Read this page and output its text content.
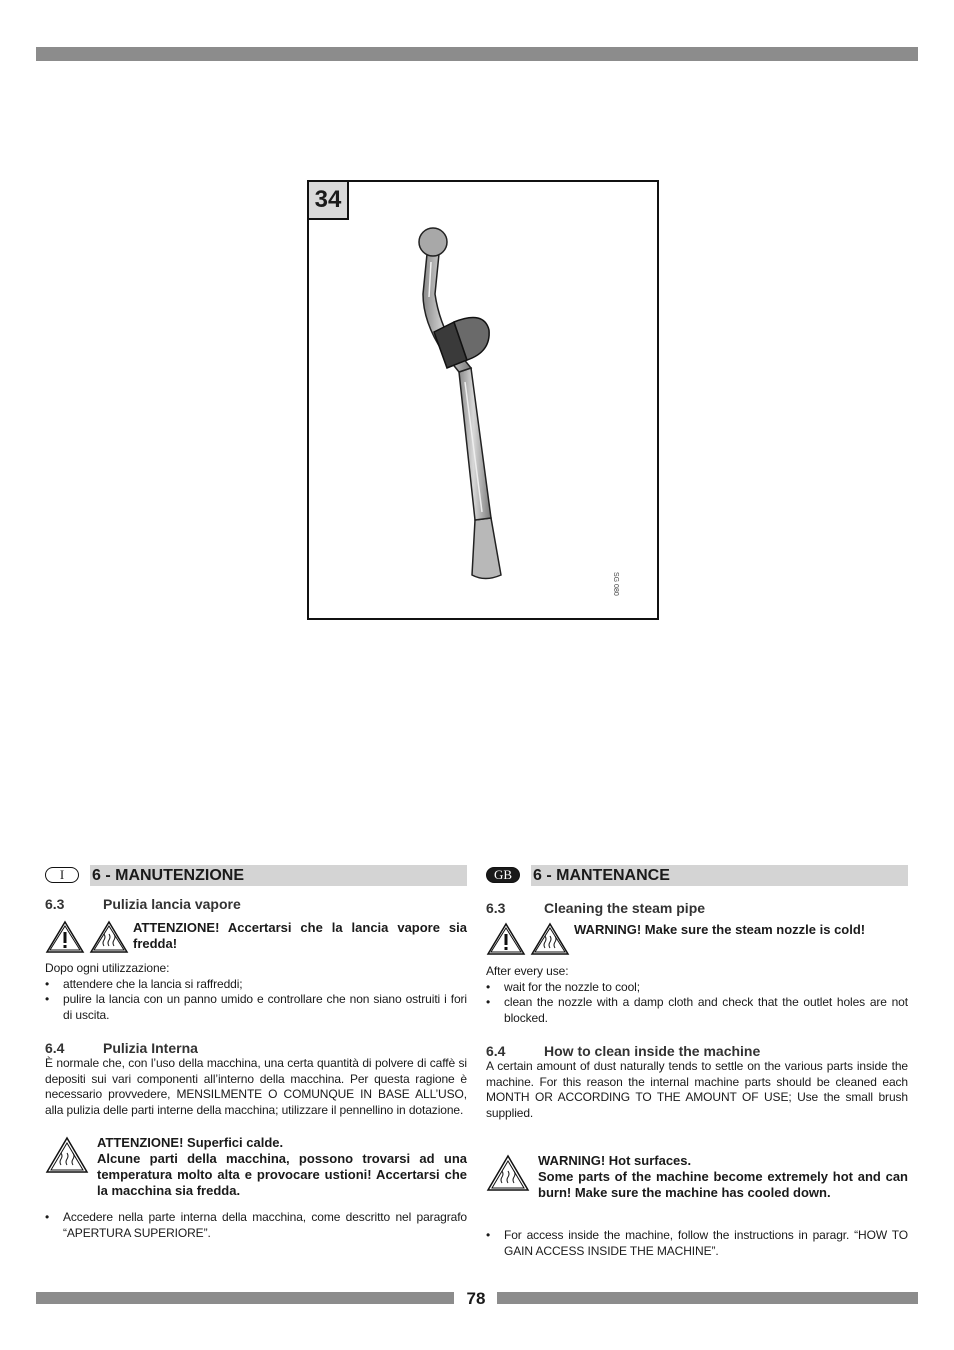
34
SG 080
I	6 - MANUTENZIONE
6.3	Pulizia lancia vapore
ATTENZIONE! Accertarsi che la lancia vapore sia fredda!

Dopo ogni utilizzazione:

•	attendere che la lancia si raffreddi;
•	pulire la lancia con un panno umido e controllare che non siano ostruiti i fori di uscita.
6.4	Pulizia Interna

È normale che, con l’uso della macchina, una certa quantità di polvere di caffè si depositi sui vari componenti all’interno della macchina. Per questa ragione è necessario provvedere, MENSILMENTE O COMUNQUE IN BASE ALL’USO, alla pulizia delle parti interne della macchina; utilizzare il pennellino in dotazione.

ATTENZIONE! Superfici calde.
Alcune parti della macchina, possono trovarsi ad una temperatura molto alta e provocare ustioni! Accertarsi che la macchina sia fredda.
•	Accedere nella parte interna della macchina, come descritto nel paragrafo “APERTURA SUPERIORE”.
GB	6 - MANTENANCE
6.3	Cleaning the steam pipe
WARNING! Make sure the steam nozzle is cold!

After every use:

•	wait for the nozzle to cool;
•	clean the nozzle with a damp cloth and check that the outlet holes are not blocked.
6.4	How to clean inside the machine

A certain amount of dust naturally tends to settle on the various parts inside the machine. For this reason the internal machine parts should be cleaned each MONTH OR ACCORDING TO THE AMOUNT OF USE; Use the small brush supplied.

WARNING! Hot surfaces.
Some parts of the machine become extremely hot and can burn! Make sure the machine has cooled down.
•	For access inside the machine, follow the instructions in paragr. “HOW TO GAIN ACCESS INSIDE THE MACHINE”.
78
